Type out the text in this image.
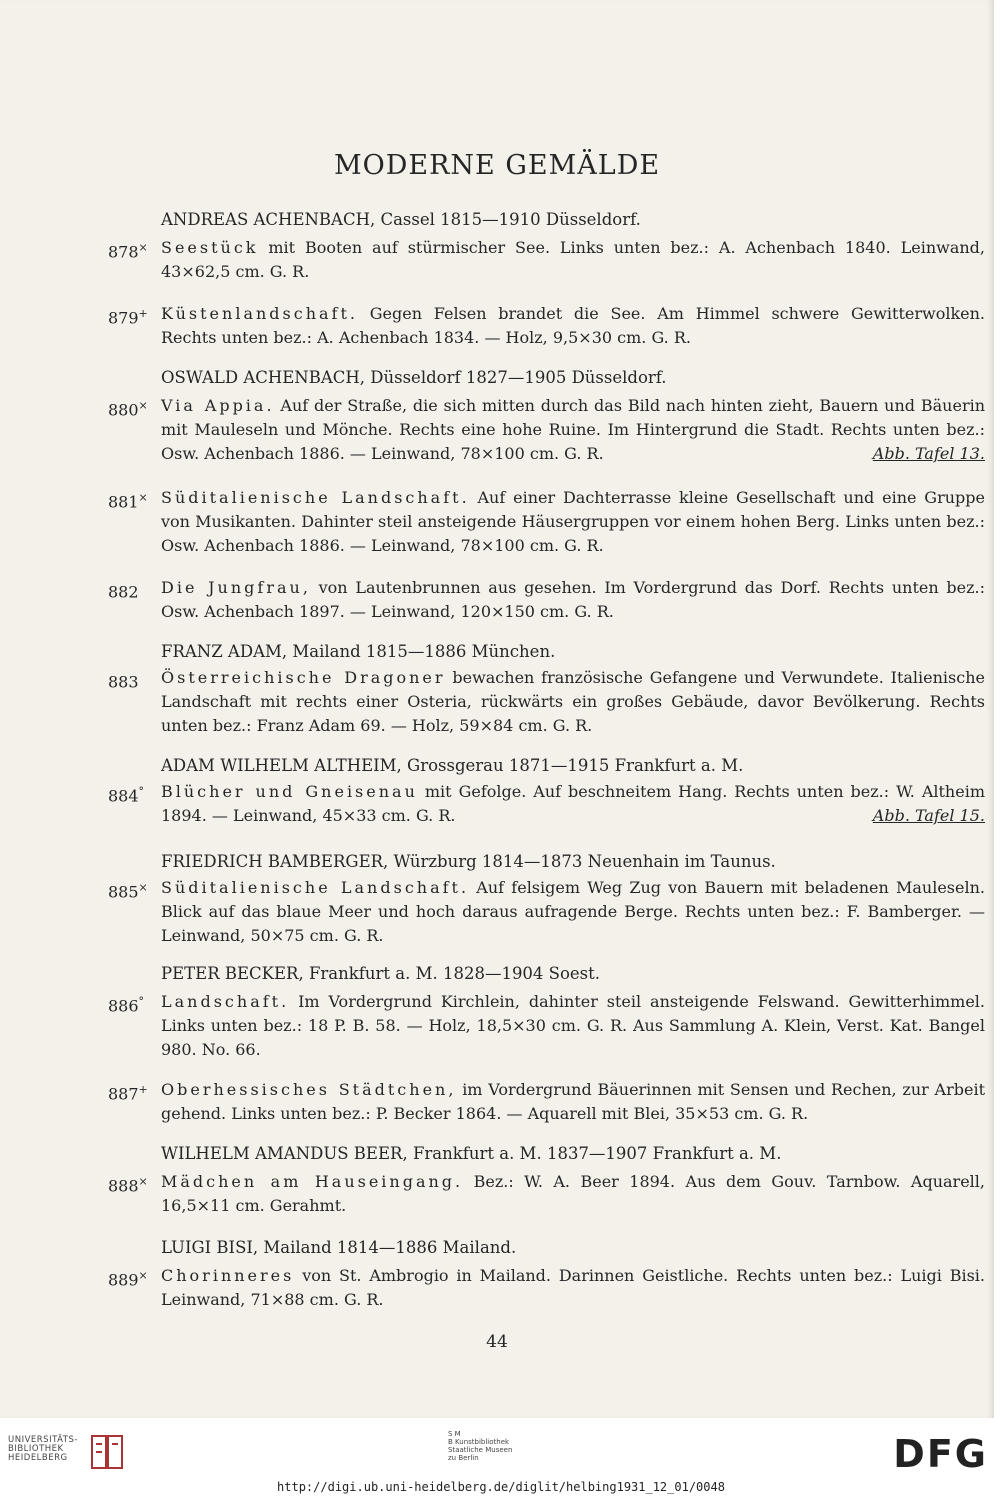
MODERNE GEMÄLDE
ANDREAS ACHENBACH, Cassel 1815—1910 Düsseldorf.
878× Seestück mit Booten auf stürmischer See. Links unten bez.: A. Achenbach 1840. Leinwand, 43×62,5 cm. G. R.
879+ Küstenlandschaft. Gegen Felsen brandet die See. Am Himmel schwere Gewitterwolken. Rechts unten bez.: A. Achenbach 1834. — Holz, 9,5×30 cm. G. R.
OSWALD ACHENBACH, Düsseldorf 1827—1905 Düsseldorf.
880× Via Appia. Auf der Straße, die sich mitten durch das Bild nach hinten zieht, Bauern und Bäuerin mit Mauleseln und Mönche. Rechts eine hohe Ruine. Im Hintergrund die Stadt. Rechts unten bez.: Osw. Achenbach 1886. — Leinwand, 78×100 cm. G. R.	Abb. Tafel 13.
881× Süditalienische Landschaft. Auf einer Dachterrasse kleine Gesellschaft und eine Gruppe von Musikanten. Dahinter steil ansteigende Häusergruppen vor einem hohen Berg. Links unten bez.: Osw. Achenbach 1886. — Leinwand, 78×100 cm. G. R.
882	Die Jungfrau, von Lautenbrunnen aus gesehen. Im Vordergrund das Dorf. Rechts unten bez.: Osw. Achenbach 1897. — Leinwand, 120×150 cm. G. R.
FRANZ ADAM, Mailand 1815—1886 München.
883	Österreichische Dragoner bewachen französische Gefangene und Verwundete. Italienische Landschaft mit rechts einer Osteria, rückwärts ein großes Gebäude, davor Bevölkerung. Rechts unten bez.: Franz Adam 69. — Holz, 59×84 cm. G. R.
ADAM WILHELM ALTHEIM, Grossgerau 1871—1915 Frankfurt a. M.
884°	Blücher und Gneisenau mit Gefolge. Auf beschneitem Hang. Rechts unten bez.: W. Altheim 1894. — Leinwand, 45×33 cm. G. R.	Abb. Tafel 15.
FRIEDRICH BAMBERGER, Würzburg 1814—1873 Neuenhain im Taunus.
885× Süditalienische Landschaft. Auf felsigem Weg Zug von Bauern mit beladenen Mauleseln. Blick auf das blaue Meer und hoch daraus aufragende Berge. Rechts unten bez.: F. Bamberger. — Leinwand, 50×75 cm. G. R.
PETER BECKER, Frankfurt a. M. 1828—1904 Soest.
886°	Landschaft. Im Vordergrund Kirchlein, dahinter steil ansteigende Felswand. Gewitterhimmel. Links unten bez.: 18 P. B. 58. — Holz, 18,5×30 cm. G. R. Aus Sammlung A. Klein, Verst. Kat. Bangel 980. No. 66.
887+ Oberhessisches Städtchen, im Vordergrund Bäuerinnen mit Sensen und Rechen, zur Arbeit gehend. Links unten bez.: P. Becker 1864. — Aquarell mit Blei, 35×53 cm. G. R.
WILHELM AMANDUS BEER, Frankfurt a. M. 1837—1907 Frankfurt a. M.
888× Mädchen am Hauseingang. Bez.: W. A. Beer 1894. Aus dem Gouv. Tarnbow. Aquarell, 16,5×11 cm. Gerahmt.
LUIGI BISI, Mailand 1814—1886 Mailand.
889× Chorinneres von St. Ambrogio in Mailand. Darinnen Geistliche. Rechts unten bez.: Luigi Bisi. Leinwand, 71×88 cm. G. R.
44
UNIVERSITÄTS-
BIBLIOTHEK
HEIDELBERG
S M
B Kunstbibliothek
Staatliche Museen
zu Berlin	DFG
http://digi.ub.uni-heidelberg.de/diglit/helbing1931_12_01/0048
